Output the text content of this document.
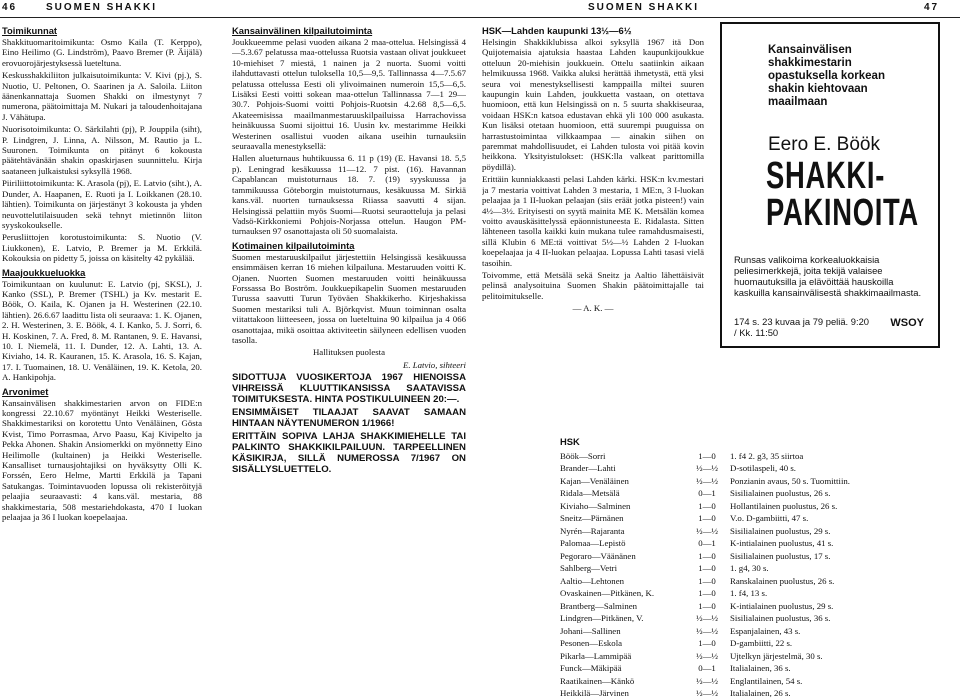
46	SUOMEN SHAKKI
Toimikunnat

Shakkituomaritoimikunta: Osmo Kaila (T. Kerppo), Eino Heilimo (G. Lindström), Paavo Bremer (P. Äijälä) erovuorojärjestyksessä lueteltuna.

Keskusshakkiliiton julkaisutoimikunta: V. Kivi (pj.), S. Nuotio, U. Peltonen, O. Saarinen ja A. Saloila. Liiton äänenkannattaja Suomen Shakki on ilmestynyt 7 numerona, päätoimittaja M. Nukari ja taloudenhoitajana J. Vähätupa.

Nuorisotoimikunta: O. Särkilahti (pj), P. Jouppila (siht), P. Lindgren, J. Linna, A. Nilsson, M. Rautio ja L. Suuronen. Toimikunta on pitänyt 6 kokousta päätehtävänään shakin opaskirjasen suunnittelu. Kirja saataneen julkaistuksi syksyllä 1968.

Piiriliittotoimikunta: K. Arasola (pj), E. Latvio (siht.), A. Dunder, A. Haapanen, E. Ruoti ja I. Loikkanen (28.10. lähtien). Toimikunta on järjestänyt 3 kokousta ja yhden neuvottelutilaisuuden sekä tehnyt mietinnön liiton syyskokoukselle.

Perusliittojen korotustoimikunta: S. Nuotio (V. Liukkonen), E. Latvio, P. Bremer ja M. Erkkilä. Kokouksia on pidetty 5, joissa on käsitelty 42 pykälää.

Maajoukkueluokka

Toimikuntaan on kuulunut: E. Latvio (pj, SKSL), J. Kanko (SSL), P. Bremer (TSHL) ja Kv. mestarit E. Böök, O. Kaila, K. Ojanen ja H. Westerinen (22.10. lähtien). 26.6.67 laadittu lista oli seuraava: 1. K. Ojanen, 2. H. Westerinen, 3. E. Böök, 4. I. Kanko, 5. J. Sorri, 6. H. Koskinen, 7. A. Fred, 8. M. Rantanen, 9. E. Havansi, 10. I. Niemelä, 11. I. Dunder, 12. A. Lahti, 13. A. Kiviaho, 14. R. Kauranen, 15. K. Arasola, 16. S. Kajan, 17. I. Tuomainen, 18. U. Venäläinen, 19. K. Ketola, 20. A. Hankipohja.

Arvonimet

Kansainvälisen shakkimestarien arvon on FIDE:n kongressi 22.10.67 myöntänyt Heikki Westeriselle. Shakkimestariksi on korotettu Unto Venäläinen, Gösta Kvist, Timo Porrasmaa, Arvo Paasu, Kaj Kivipelto ja Pekka Ahonen. Shakin Ansiomerkki on myönnetty Eino Heilimolle (kultainen) ja Heikki Westeriselle. Kansalliset turnausjohtajiksi on hyväksytty Olli K. Forssén, Eero Helme, Martti Erkkilä ja Tapani Satukangas. Toimintavuoden lopussa oli rekisteröityjä pelaajia seuraavasti: 4 kans.väl. mestaria, 88 shakkimestaria, 508 mestariehdokasta, 470 I luokan pelaajaa ja 36 I luokan koepelaajaa.

Kansainvälinen kilpailutoiminta

Joukkueemme pelasi vuoden aikana 2 maa-ottelua. Helsingissä 4—5.3.67 pelatussa maa-ottelussa Ruotsia vastaan olivat joukkueet 10-miehiset 7 miestä, 1 nainen ja 2 nuorta. Suomi voitti ilahduttavasti ottelun tuloksella 10,5—9,5. Tallinnassa 4—7.5.67 pelatussa ottelussa Eesti oli ylivoimainen numeroin 15,5—6,5. Lisäksi Eesti voitti sokean maa-ottelun Tallinnassa 7—1 29—30.7. Pohjois-Suomi voitti Pohjois-Ruotsin 4.2.68 8,5—6,5. Akateemisissa maailmanmestaruuskilpailuissa Harrachovissa heinäkuussa Suomi sijoittui 16. Uusin kv. mestarimme Heikki Westerinen osallistui vuoden aikana useihin turnauksiin seuraavalla menestyksellä:

Hallen alueturnaus huhtikuussa 6. 11 p (19) (E. Havansi 18. 5,5 p). Leningrad kesäkuussa 11—12. 7 pist. (16). Havannan Capablancan muistoturnaus 18. 7. (19) syyskuussa ja tammikuussa Göteborgin muistoturnaus, kesäkuussa M. Sirkiä kans.väl. nuorten turnauksessa Riiassa saavutti 4 sijan. Helsingissä pelattiin myös Suomi—Ruotsi seuraotteluja ja pelasi Vadsö-Kirkkoniemi Pohjois-Norjassa ottelun. Haugon PM-turnauksen 97 osanottajasta oli 50 suomalaista.

Kotimainen kilpailutoiminta

Suomen mestaruuskilpailut järjestettiin Helsingissä kesäkuussa ensimmäisen kerran 16 miehen kilpailuna. Mestaruuden voitti K. Ojanen. Nuorten Suomen mestaruuden voitti heinäkuussa Forssassa Bo Boström. Joukkuepikapelin Suomen mestaruuden Turussa saavutti Turun Työväen Shakkikerho. Kirjeshakissa Suomen mestariksi tuli A. Björkqvist. Muun toiminnan osalta viitattakoon liitteeseen, jossa on lueteltuina 90 kilpailua ja 4 066 osanottajaa, mikä osoittaa aktiviteetin säilyneen edellisen vuoden tasolla.

Hallituksen puolesta

E. Latvio, sihteeri

SIDOTTUJA VUOSIKERTOJA 1967 HIENOISSA VIHREISSÄ KLUUTTIKANSISSA SAATAVISSA TOIMITUKSESTA. HINTA POSTIKULUINEEN 20:—.

ENSIMMÄISET TILAAJAT SAAVAT SAMAAN HINTAAN NÄYTENUMERON 1/1966!

ERITTÄIN SOPIVA LAHJA SHAKKIMIEHELLE TAI PALKINTO SHAKKIKILPAILUUN. TARPEELLINEN KÄSIKIRJA, SILLÄ NUMEROSSA 7/1967 ON SISÄLLYSLUETTELO.

SUOMEN SHAKKI	47
HSK—Lahden kaupunki 13½—6½

Helsingin Shakkiklubissa alkoi syksyllä 1967 itä Don Quijotemaisia ajatuksia haastaa Lahden kaupunkijoukkue otteluun 20-miehisin joukkuein. Ottelu saatiinkin aikaan helmikuussa 1968. Vaikka aluksi herättää ihmetystä, että yksi seura voi menestyksellisesti kamppailla miltei suuren kaupungin kuin Lahden, joukkuetta vastaan, on otettava huomioon, että kun Helsingissä on n. 5 suurta shakkiseuraa, voidaan HSK:n katsoa edustavan ehkä yli 100 000 asukasta. Kun lisäksi otetaan huomioon, että suurempi puuguissa on harrastustoimintaa vilkkaampaa — ainakin siihen on paremmat mahdollisuudet, ei Lahden tulosta voi pitää kovin heikkona. Yksityistulokset: (HSK:lla valkeat parittomilla pöydillä).

Erittäin kunniakkaasti pelasi Lahden kärki. HSK:n kv.mestari ja 7 mestaria voittivat Lahden 3 mestaria, 1 ME:n, 3 I-luokan pelaajaa ja 1 II-luokan pelaajan (siis eräät jotka pisteen!) vain 4½—3½. Erityisesti on syytä mainita ME K. Metsälän komea voitto avauskäsittelyssä epäonnistuneesta E. Ridalasta. Sitten lähteneen tasolla kaikki kuin mukana tulee ramahdusmaisesti, sillä Klubin 6 ME:tä voittivat 5½—½ Lahden 2 I-luokan koepelaajaa ja 4 II-luokan pelaajaa. Lopussa Lahti tasasi vielä tasoihin.

Toivomme, että Metsälä sekä Sneitz ja Aaltio lähettäisivät pelinsä analysoituina Suomen Shakin päätoimittajalle tai pelitoimitukselle.

— A. K. —

Kansainvälisen shakkimestarin opastuksella korkean shakin kiehtovaan maailmaan
Eero E. Böök
SHAKKI-PAKINOITA
Runsas valikoima korkealuokkaisia peliesimerkkejä, joita tekijä valaisee huomautuksilla ja elävöittää hauskoilla kaskuilla kansainvälisestä shakkimaailmasta.
174 s. 23 kuvaa ja 79 peliä. 9:20 / Kk. 11:50
WSOY
HSK
Böök—Sorri	1—0	1. f4 2. g3, 35 siirtoa
Brander—Lahti	½—½	D-sotilaspeli, 40 s.
Kajan—Venäläinen	½—½	Ponzianin avaus, 50 s. Tuomittiin.
Ridala—Metsälä	0—1	Sisilialainen puolustus, 26 s.
Kiviaho—Salminen	1—0	Hollantilainen puolustus, 26 s.
Sneitz—Pärnänen	1—0	V.o. D-gambiitti, 47 s.
Nyrén—Rajaranta	½—½	Sisilialainen puolustus, 29 s.
Palomaa—Lepistö	0—1	K-intialainen puolustus, 41 s.
Pegoraro—Väänänen	1—0	Sisilialainen puolustus, 17 s.
Sahlberg—Vetri	1—0	1. g4, 30 s.
Aaltio—Lehtonen	1—0	Ranskalainen puolustus, 26 s.
Ovaskainen—Pitkänen, K.	1—0	1. f4, 13 s.
Brantberg—Salminen	1—0	K-intialainen puolustus, 29 s.
Lindgren—Pitkänen, V.	½—½	Sisilialainen puolustus, 36 s.
Johani—Sallinen	½—½	Espanjalainen, 43 s.
Pesonen—Eskola	1—0	D-gambiitti, 22 s.
Pikarla—Lammipää	½—½	Ujtelkyn järjestelmä, 30 s.
Funck—Mäkipää	0—1	Italialainen, 36 s.
Raatikainen—Känkö	½—½	Englantilainen, 54 s.
Heikkilä—Järvinen	½—½	Italialainen, 26 s.
